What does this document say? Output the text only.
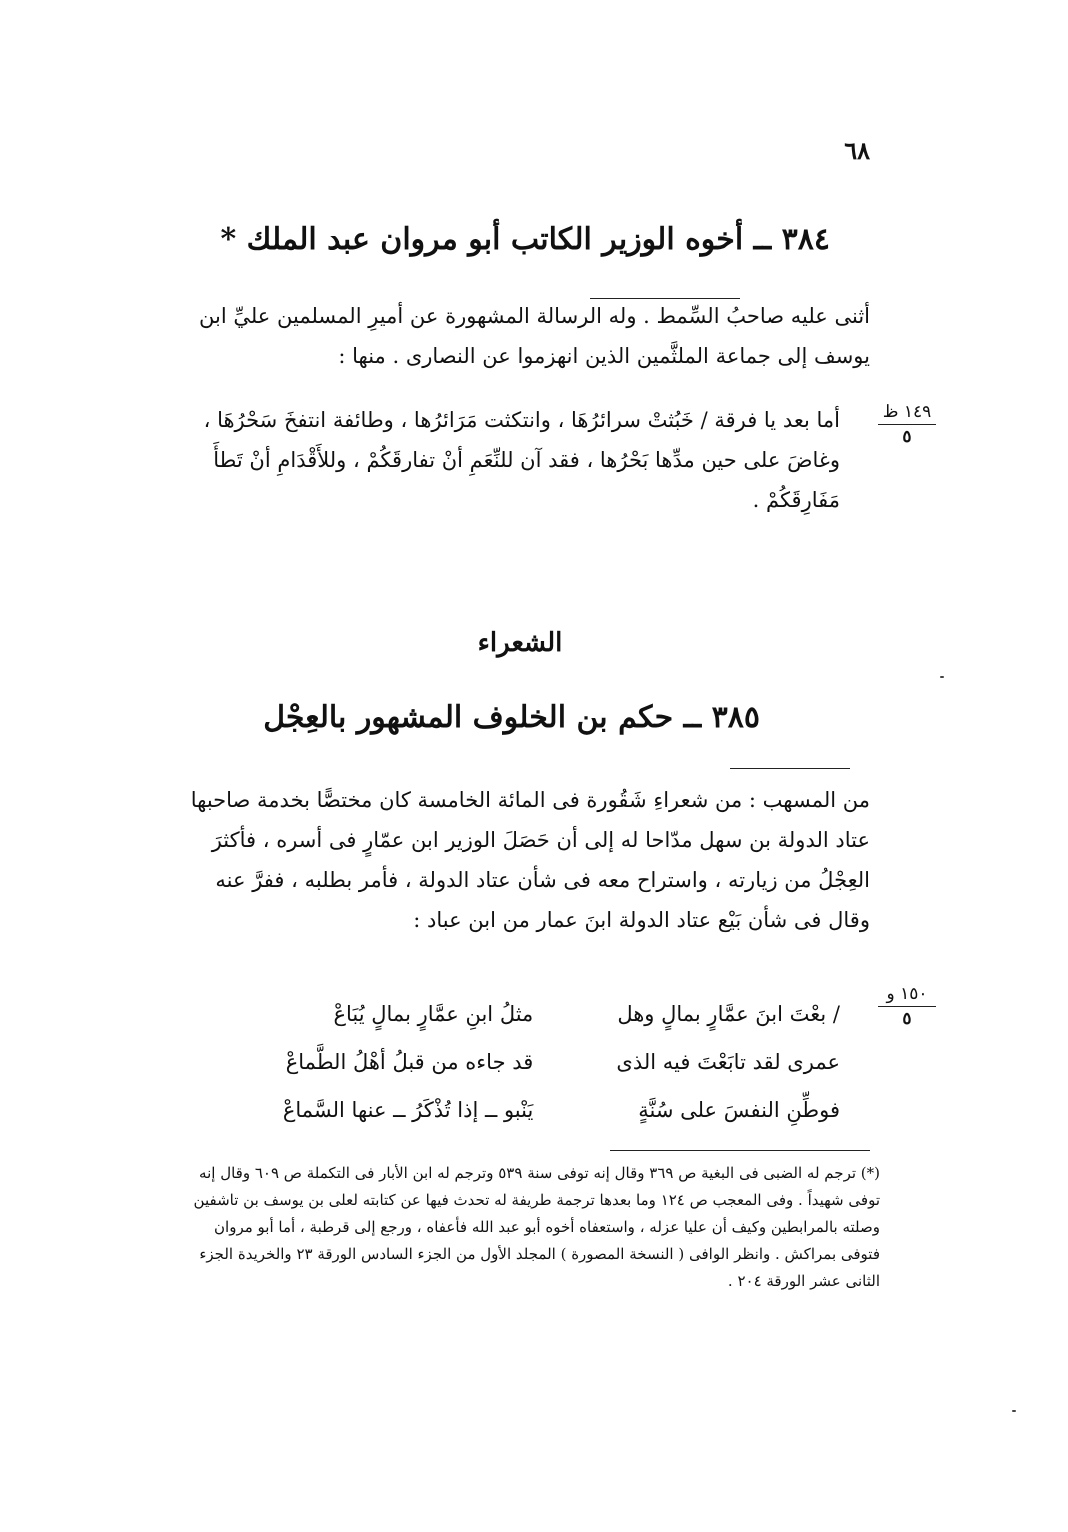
٦٨
٣٨٤ ــ أخوه الوزير الكاتب أبو مروان عبد الملك *
أثنى عليه صاحبُ السِّمط . وله الرسالة المشهورة عن أميرِ المسلمين عليِّ ابن يوسف إلى جماعة الملثَّمين الذين انهزموا عن النصارى . منها :
١٤٩ ظ
٥
أما بعد يا فرقة / خَبُثتْ سرائرُهَا ، وانتكثت مَرَائرُها ، وطائفة انتفخَ سَحْرُهَا ، وغاضَ على حين مدِّها بَحْرُها ، فقد آن للنِّعَمِ أنْ تفارقَكُمْ ، وللأَقْدَامِ أنْ تَطأَ مَفَارِقَكُمْ .
الشعراء
٣٨٥ ــ حكم بن الخلوف المشهور بالعِجْل
من المسهب : من شعراءِ شَقُورة فى المائة الخامسة كان مختصًّا بخدمة صاحبها عتاد الدولة بن سهل مدّاحا له إلى أن حَصَلَ الوزير ابن عمّارٍ فى أسره ، فأكثرَ العِجْلُ من زيارته ، واستراح معه فى شأن عتاد الدولة ، فأمر بطلبه ، ففرَّ عنه وقال فى شأن بَيْع عتاد الدولة ابنَ عمار من ابن عباد :
١٥٠ و
٥
/ بعْتَ ابنَ عمَّارٍ بمالٍ وهل مثلُ ابنِ عمَّارٍ بمالٍ يُبَاعْ
عمرى لقد تابَعْتَ فيه الذى قد جاءه من قبلُ أهْلُ الطَّماعْ
فوطِّنِ النفسَ على سُنَّةٍ يَنْبو ــ إذا تُذْكَرُ ــ عنها السَّماعْ
(*) ترجم له الضبى فى البغية ص ٣٦٩ وقال إنه توفى سنة ٥٣٩ وترجم له ابن الأبار فى التكملة ص ٦٠٩ وقال إنه توفى شهيداً . وفى المعجب ص ١٢٤ وما بعدها ترجمة طريفة له تحدث فيها عن كتابته لعلى بن يوسف بن تاشفين وصلته بالمرابطين وكيف أن عليا عزله ، واستعفاه أخوه أبو عبد الله فأعفاه ، ورجع إلى قرطبة ، أما أبو مروان فتوفى بمراكش . وانظر الوافى ( النسخة المصورة ) المجلد الأول من الجزء السادس الورقة ٢٣ والخريدة الجزء الثانى عشر الورقة ٢٠٤ .
